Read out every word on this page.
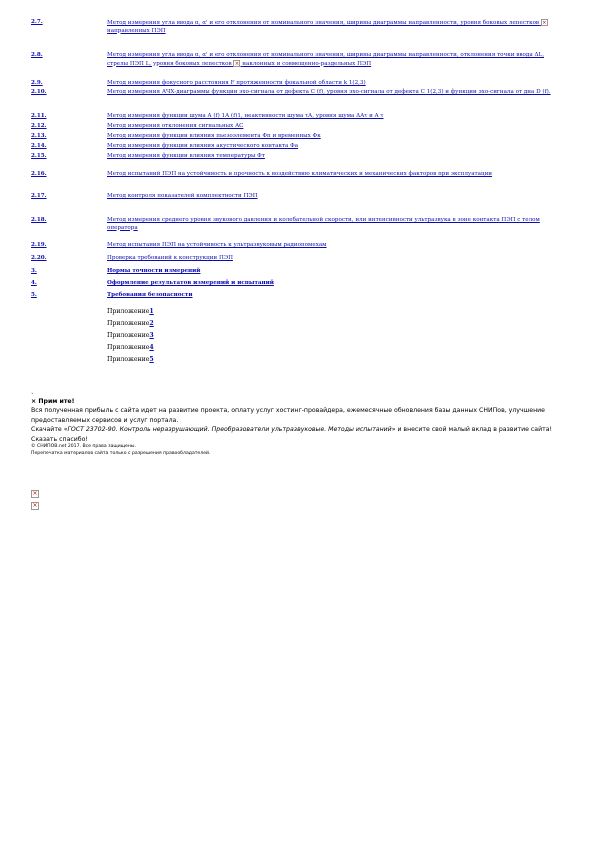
2.7.	Метод измерения угла ввода α, α' и его отклонения от номинального значения, ширины диаграммы направленности, уровня боковых лепестков × направленных ПЭП
2.8.	Метод измерения угла ввода α, α' и его отклонения от номинального значения, ширины диаграммы направленности, отклонения точки ввода ΔL, стрелы ПЭП L, уровня боковых лепестков × наклонных и совмещенно-раздельных ПЭП
2.9.	Метод измерения фокусного расстояния F протяженности фокальной области k 1(2,3)
2.10.	Метод измерения АЧХ-диаграммы функции эхо-сигнала от дефекта C (f), уровня эхо-сигнала от дефекта C 1(2,3) и функции эхо-сигнала от дна D (f).
2.11.	Метод измерения функции шума A (f) 1A (f)1, неактивности шума τA, уровня шума ΔAτ и A τ
2.12.	Метод измерения отклонения сигнальных AC
2.13.	Метод измерения функции влияния пьезоэлемента Фп и временных Фк
2.14.	Метод измерения функции влияния акустического контакта Фа
2.15.	Метод измерения функции влияния температуры Фт
2.16.	Метод испытаний ПЭП на устойчивость и прочность к воздействию климатических и механических факторов при эксплуатации
2.17.	Метод контроля показателей комплектности ПЭП
2.18.	Метод измерения среднего уровня звукового давления и колебательной скорости, или интенсивности ультразвука в зоне контакта ПЭП с телом оператора
2.19.	Метод испытания ПЭП на устойчивость к ультразвуковым радиопомехам
2.20.	Проверка требований к конструкции ПЭП
3.	Нормы точности измерений
4.	Оформление результатов измерений и испытаний
5.	Требования безопасности
Приложение 1
Приложение 2
Приложение 3
Приложение 4
Приложение 5
`
× Прим ите!
Вся полученная прибыль с сайта идет на развитие проекта, оплату услуг хостинг-провайдера, ежемесячные обновления базы данных СНИПов, улучшение предоставляемых сервисов и услуг портала.
Скачайте «ГОСТ 23702-90. Контроль неразрушающий. Преобразователи ультразвуковые. Методы испытаний» и внесите свой малый вклад в развитие сайта!
Сказать спасибо!
© СНИПОВ.net 2017. Все права защищены.
Перепечатка материалов сайта только с разрешения правообладателей.
×
×
